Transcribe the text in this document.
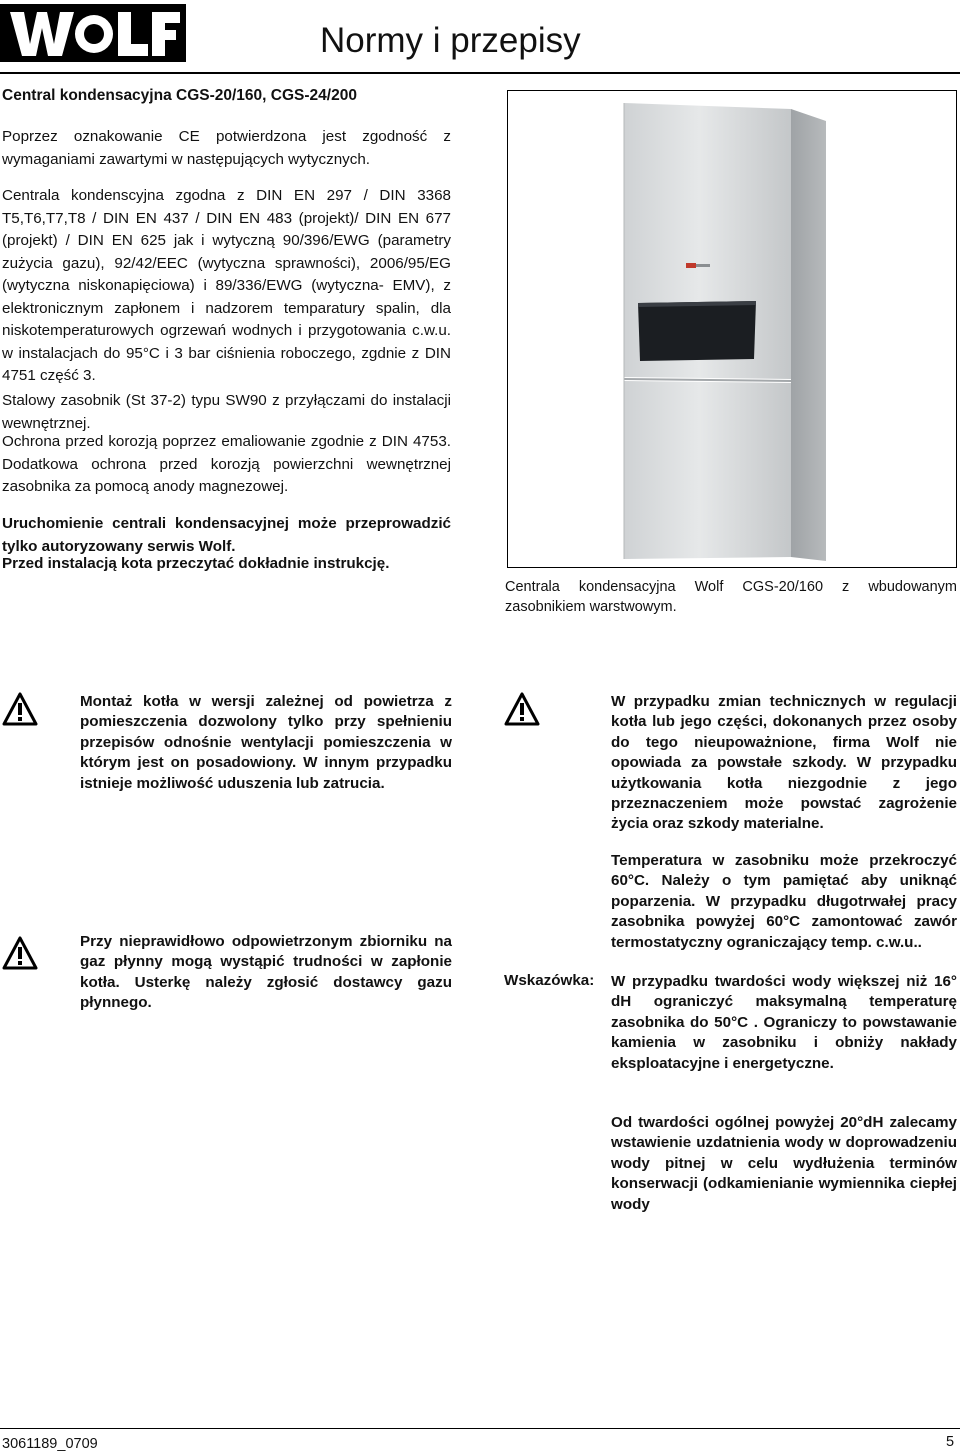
Normy i przepisy
Central kondensacyjna CGS-20/160, CGS-24/200
Poprzez oznakowanie CE potwierdzona jest zgodność z wymaganiami zawartymi w następujących wytycznych.
Centrala kondenscyjna zgodna z DIN EN 297 / DIN 3368 T5,T6,T7,T8 / DIN EN 437 / DIN EN 483 (projekt)/ DIN EN 677 (projekt) / DIN EN 625 jak i wytyczną 90/396/EWG (parametry zużycia gazu), 92/42/EEC (wytyczna sprawności), 2006/95/EG (wytyczna niskonapięciowa) i 89/336/EWG (wytyczna- EMV), z elektronicznym zapłonem i nadzorem temparatury spalin, dla niskotemperaturowych ogrzewań wodnych i przygotowania c.w.u. w instalacjach do 95°C i 3 bar ciśnienia roboczego, zgdnie z DIN 4751 część 3.
Stalowy zasobnik (St 37-2) typu SW90 z przyłączami do instalacji wewnętrznej.
Ochrona przed korozją poprzez emaliowanie zgodnie z DIN 4753. Dodatkowa ochrona przed korozją powierzchni wewnętrznej zasobnika za pomocą anody magnezowej.
Uruchomienie centrali kondensacyjnej może przeprowadzić tylko autoryzowany serwis Wolf.
Przed instalacją kota przeczytać dokładnie instrukcję.
Centrala kondensacyjna Wolf CGS-20/160 z wbudowanym zasobnikiem warstwowym.
Montaż kotła w wersji zależnej od powietrza z pomieszczenia dozwolony tylko przy spełnieniu przepisów odnośnie wentylacji pomieszczenia w którym jest on posadowiony. W innym przypadku istnieje możliwość uduszenia lub zatrucia.
Przy nieprawidłowo odpowietrzonym zbiorniku na gaz płynny mogą wystąpić trudności w zapłonie kotła. Usterkę należy zgłosić dostawcy gazu płynnego.
W przypadku zmian technicznych w regulacji kotła lub jego części, dokonanych przez osoby do tego nieupoważnione, firma Wolf nie opowiada za powstałe szkody. W przypadku użytkowania kotła niezgodnie z jego przeznaczeniem może powstać zagrożenie życia oraz szkody materialne.
Temperatura w zasobniku może przekroczyć 60°C. Należy o tym pamiętać aby uniknąć poparzenia. W przypadku długotrwałej pracy zasobnika powyżej 60°C zamontować zawór termostatyczny ograniczający temp. c.w.u..
Wskazówka: W przypadku twardości wody większej niż 16° dH ograniczyć maksymalną temperaturę zasobnika do 50°C . Ograniczy to powstawanie kamienia w zasobniku i obniży nakłady eksploatacyjne i energetyczne.
Od twardości ogólnej powyżej 20°dH zalecamy wstawienie uzdatnienia wody w doprowadzeniu wody pitnej w celu wydłużenia terminów konserwacji (odkamienianie wymiennika ciepłej wody
3061189_0709	5
